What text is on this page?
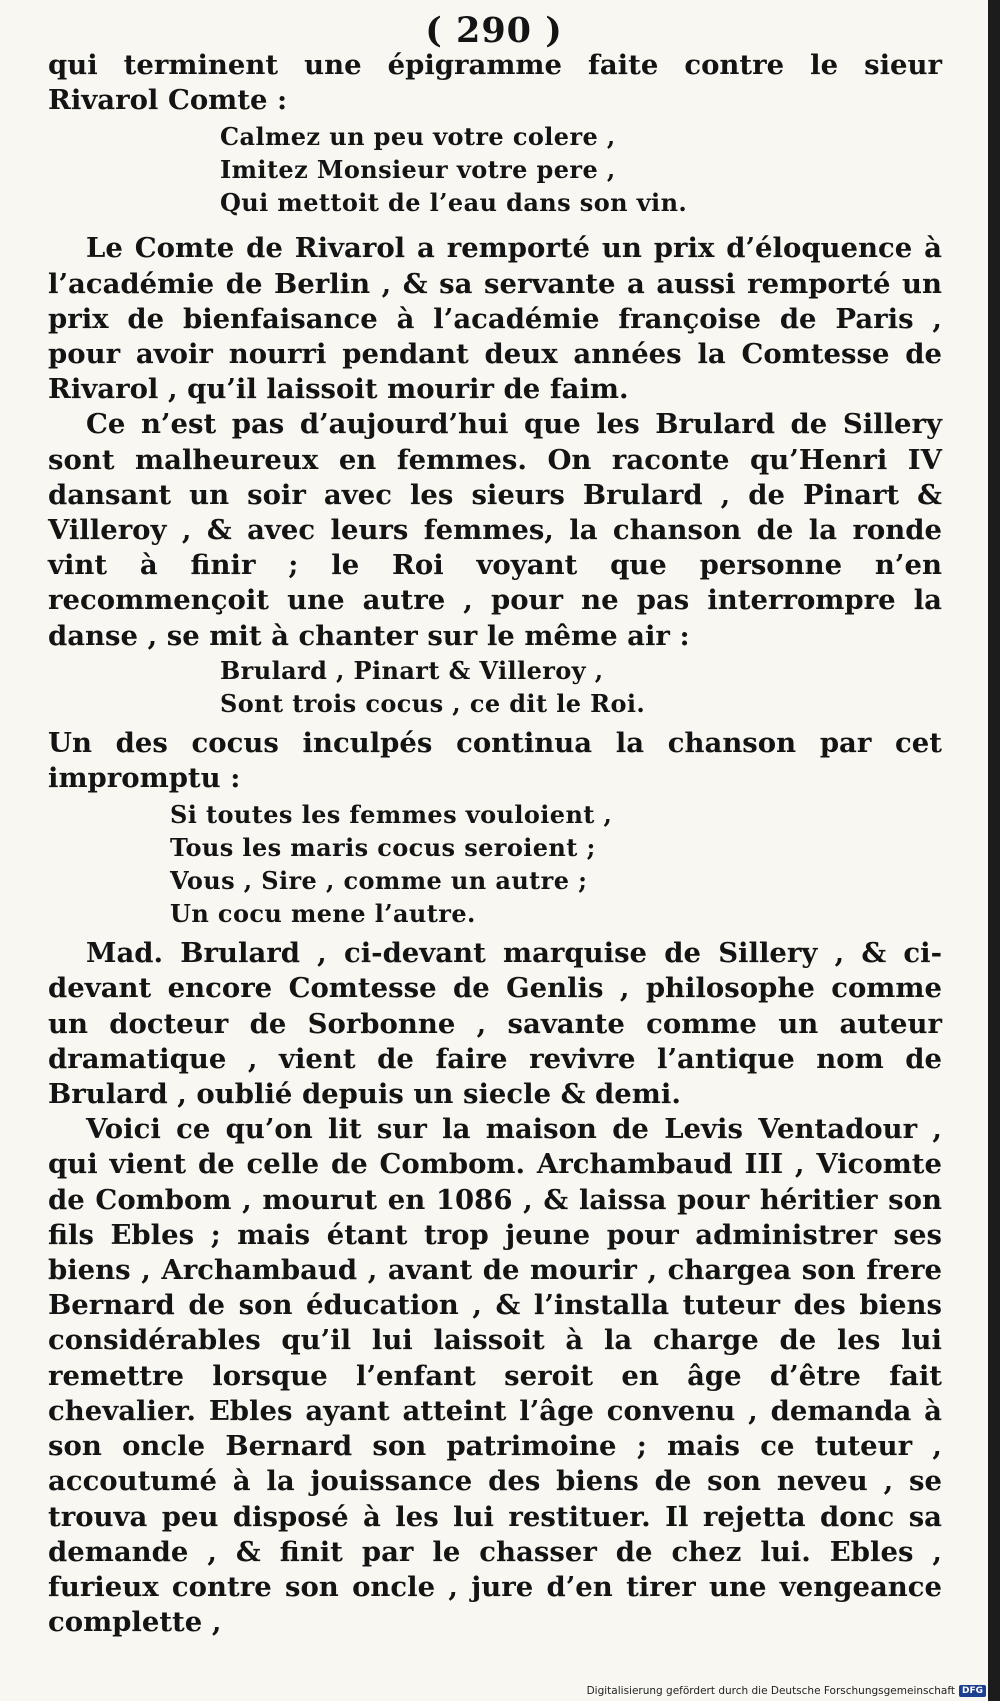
( 290 )

qui terminent une épigramme faite contre le sieur Rivarol Comte :

Calmez un peu votre colere ,
Imitez Monsieur votre pere ,
Qui mettoit de l’eau dans son vin.

Le Comte de Rivarol a remporté un prix d’éloquence à l’académie de Berlin , & sa servante a aussi remporté un prix de bienfaisance à l’académie françoise de Paris , pour avoir nourri pendant deux années la Comtesse de Rivarol , qu’il laissoit mourir de faim.

Ce n’est pas d’aujourd’hui que les Brulard de Sillery sont malheureux en femmes. On raconte qu’Henri IV dansant un soir avec les sieurs Brulard , de Pinart & Villeroy , & avec leurs femmes, la chanson de la ronde vint à finir ; le Roi voyant que personne n’en recommençoit une autre , pour ne pas interrompre la danse , se mit à chanter sur le même air :

Brulard , Pinart & Villeroy ,
Sont trois cocus , ce dit le Roi.

Un des cocus inculpés continua la chanson par cet impromptu :

Si toutes les femmes vouloient ,
Tous les maris cocus seroient ;
Vous , Sire , comme un autre ;
Un cocu mene l’autre.

Mad. Brulard , ci-devant marquise de Sillery , & ci-devant encore Comtesse de Genlis , philosophe comme un docteur de Sorbonne , savante comme un auteur dramatique , vient de faire revivre l’antique nom de Brulard , oublié depuis un siecle & demi.

Voici ce qu’on lit sur la maison de Levis Ventadour , qui vient de celle de Combom. Archambaud III , Vicomte de Combom , mourut en 1086 , & laissa pour héritier son fils Ebles ; mais étant trop jeune pour administrer ses biens , Archambaud , avant de mourir , chargea son frere Bernard de son éducation , & l’installa tuteur des biens considérables qu’il lui laissoit à la charge de les lui remettre lorsque l’enfant seroit en âge d’être fait chevalier. Ebles ayant atteint l’âge convenu , demanda à son oncle Bernard son patrimoine ; mais ce tuteur , accoutumé à la jouissance des biens de son neveu , se trouva peu disposé à les lui restituer. Il rejetta donc sa demande , & finit par le chasser de chez lui. Ebles , furieux contre son oncle , jure d’en tirer une vengeance complette ,

Digitalisierung gefördert durch die Deutsche Forschungsgemeinschaft DFG
